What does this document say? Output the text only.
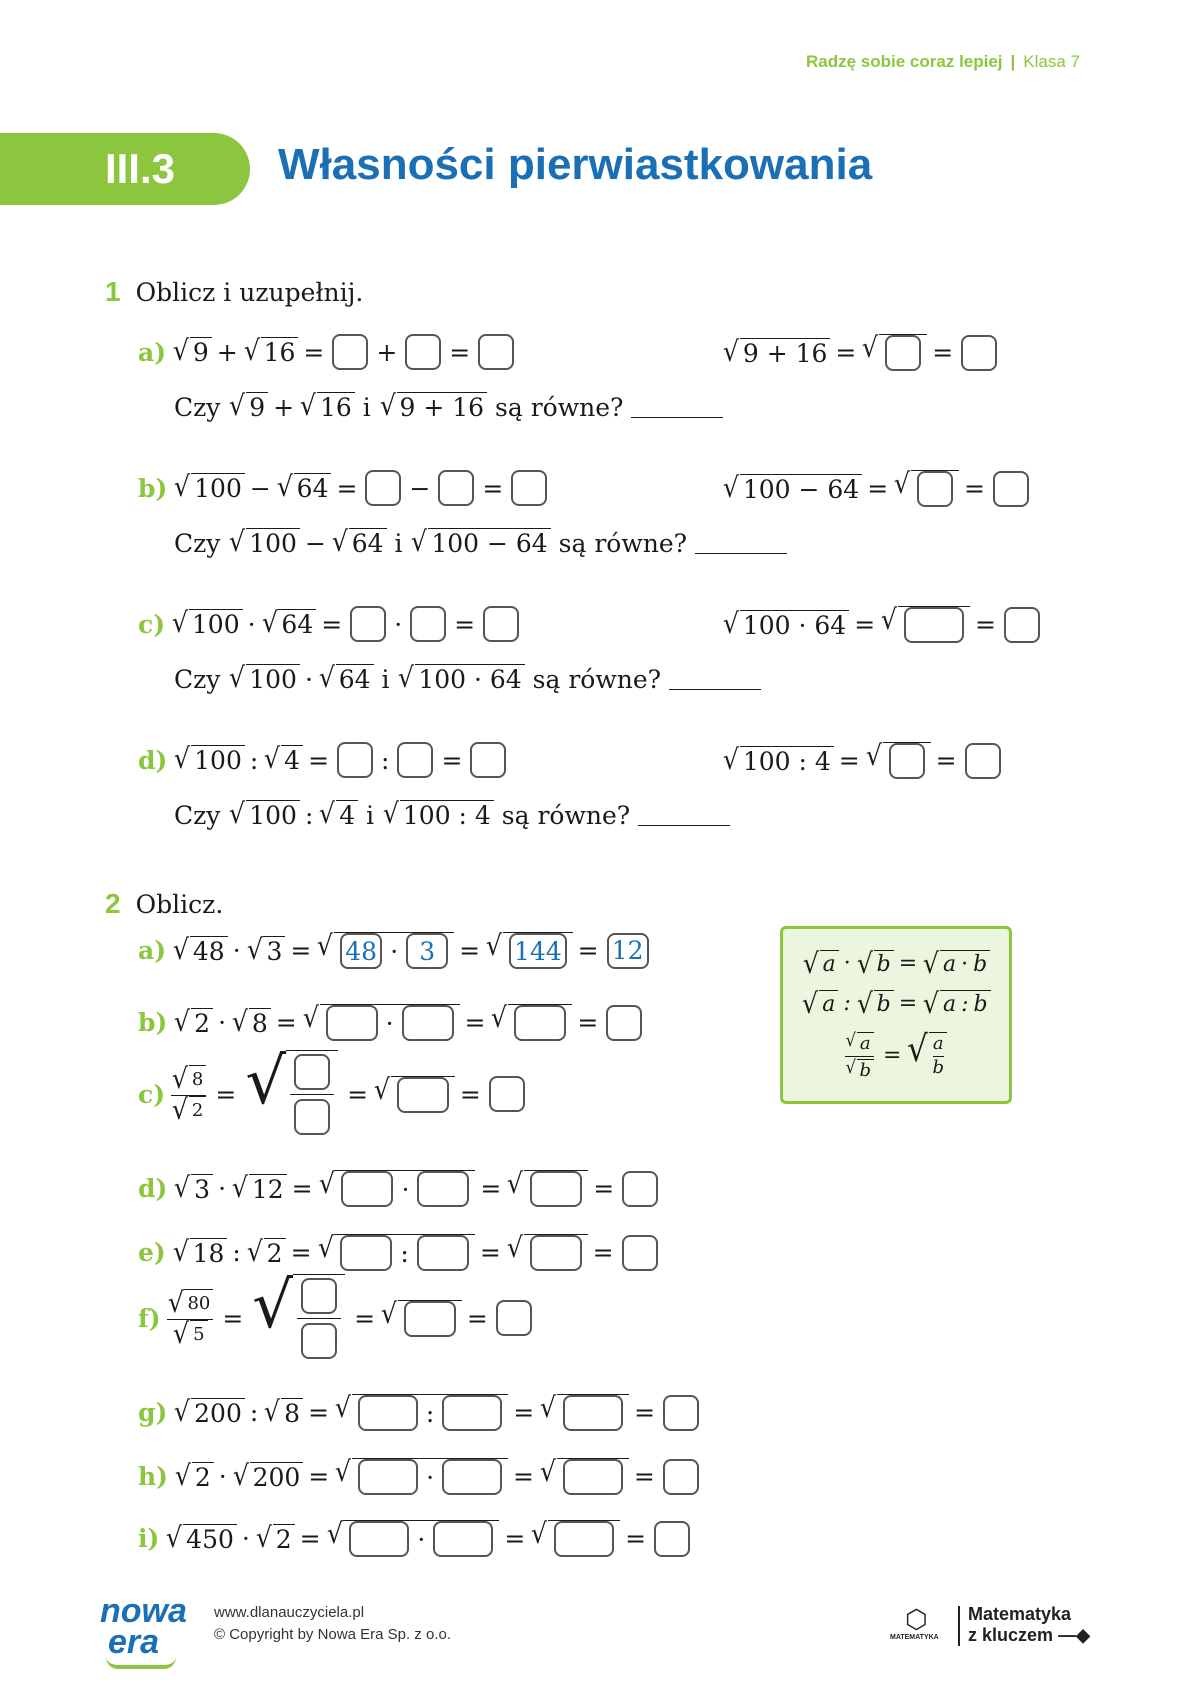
Radzę sobie coraz lepiej | Klasa 7
III.3	Własności pierwiastkowania
1 Oblicz i uzupełnij.
a) √ 9 + √ 16 = + =	√ 9 + 16 = √ =
Czy
√ 9 + √ 16
i
√ 9 + 16
są równe?
b) √ 100 − √ 64 = − =	√ 100 − 64 = √ =
Czy
√ 100 − √ 64
i
√ 100 − 64
są równe?
c) √ 100 · √ 64 = · =	√ 100 · 64 = √	=
Czy
√ 100 · √ 64
i
√ 100 · 64
są równe?
d) √ 100 : √ 4 = : =	√ 100 : 4 = √ =
Czy
√ 100 : √ 4
i
√ 100 : 4
są równe?
2 Oblicz.
a) √ 48 · √ 3 = √ 48 · 3 = √ 144 = 12
b) √ 2 · √ 8 = √	·	= √	=
$c) \frac{√ 8}{√ 2}$ = √ = √	=
d) √ 3 · √ 12 = √	·	= √	=
e) √ 18 : √ 2 = √	:	= √	=
$f) \frac{√ 80}{√ 5}$ = √ = √	=
g) √ 200 : √ 8 = √	:	= √	=
h) √ 2 · √ 200 = √	·	= √	=
i) √ 450 · √ 2 = √	·	= √	=
√ a · √ b = √ a · b
√ a : √ b = √ a : b
$\frac{√ a}{√ b}$ = √ $\frac{a}{b}$
nowa
era
www.dlanauczyciela.pl
© Copyright by Nowa Era Sp. z o.o.
⬡
MATEMATYKA
Matematyka
z kluczem —◆
